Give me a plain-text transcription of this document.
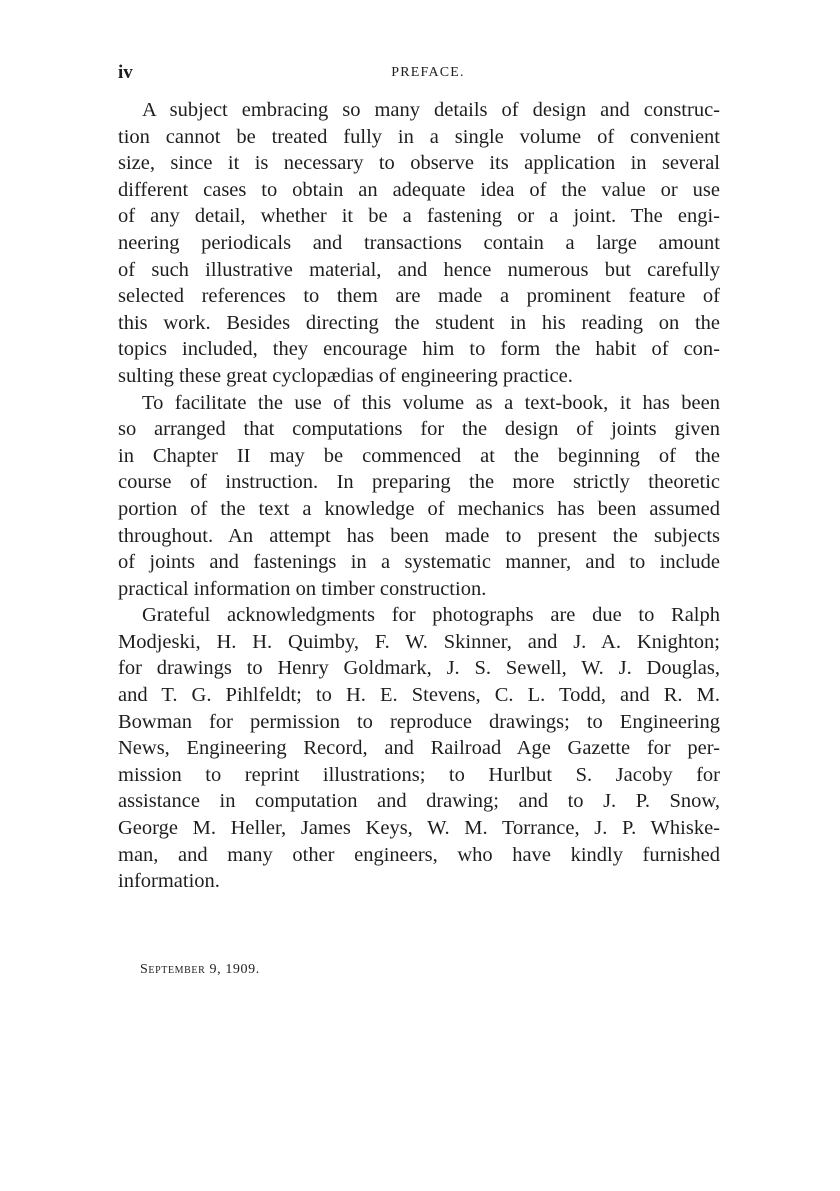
iv	PREFACE.
A subject embracing so many details of design and construc-
tion cannot be treated fully in a single volume of convenient
size, since it is necessary to observe its application in several
different cases to obtain an adequate idea of the value or use
of any detail, whether it be a fastening or a joint. The engi-
neering periodicals and transactions contain a large amount
of such illustrative material, and hence numerous but carefully
selected references to them are made a prominent feature of
this work. Besides directing the student in his reading on the
topics included, they encourage him to form the habit of con-
sulting these great cyclopædias of engineering practice.
To facilitate the use of this volume as a text-book, it has been
so arranged that computations for the design of joints given
in Chapter II may be commenced at the beginning of the
course of instruction. In preparing the more strictly theoretic
portion of the text a knowledge of mechanics has been assumed
throughout. An attempt has been made to present the subjects
of joints and fastenings in a systematic manner, and to include
practical information on timber construction.
Grateful acknowledgments for photographs are due to Ralph
Modjeski, H. H. Quimby, F. W. Skinner, and J. A. Knighton;
for drawings to Henry Goldmark, J. S. Sewell, W. J. Douglas,
and T. G. Pihlfeldt; to H. E. Stevens, C. L. Todd, and R. M.
Bowman for permission to reproduce drawings; to Engineering
News, Engineering Record, and Railroad Age Gazette for per-
mission to reprint illustrations; to Hurlbut S. Jacoby for
assistance in computation and drawing; and to J. P. Snow,
George M. Heller, James Keys, W. M. Torrance, J. P. Whiske-
man, and many other engineers, who have kindly furnished
information.
September 9, 1909.
